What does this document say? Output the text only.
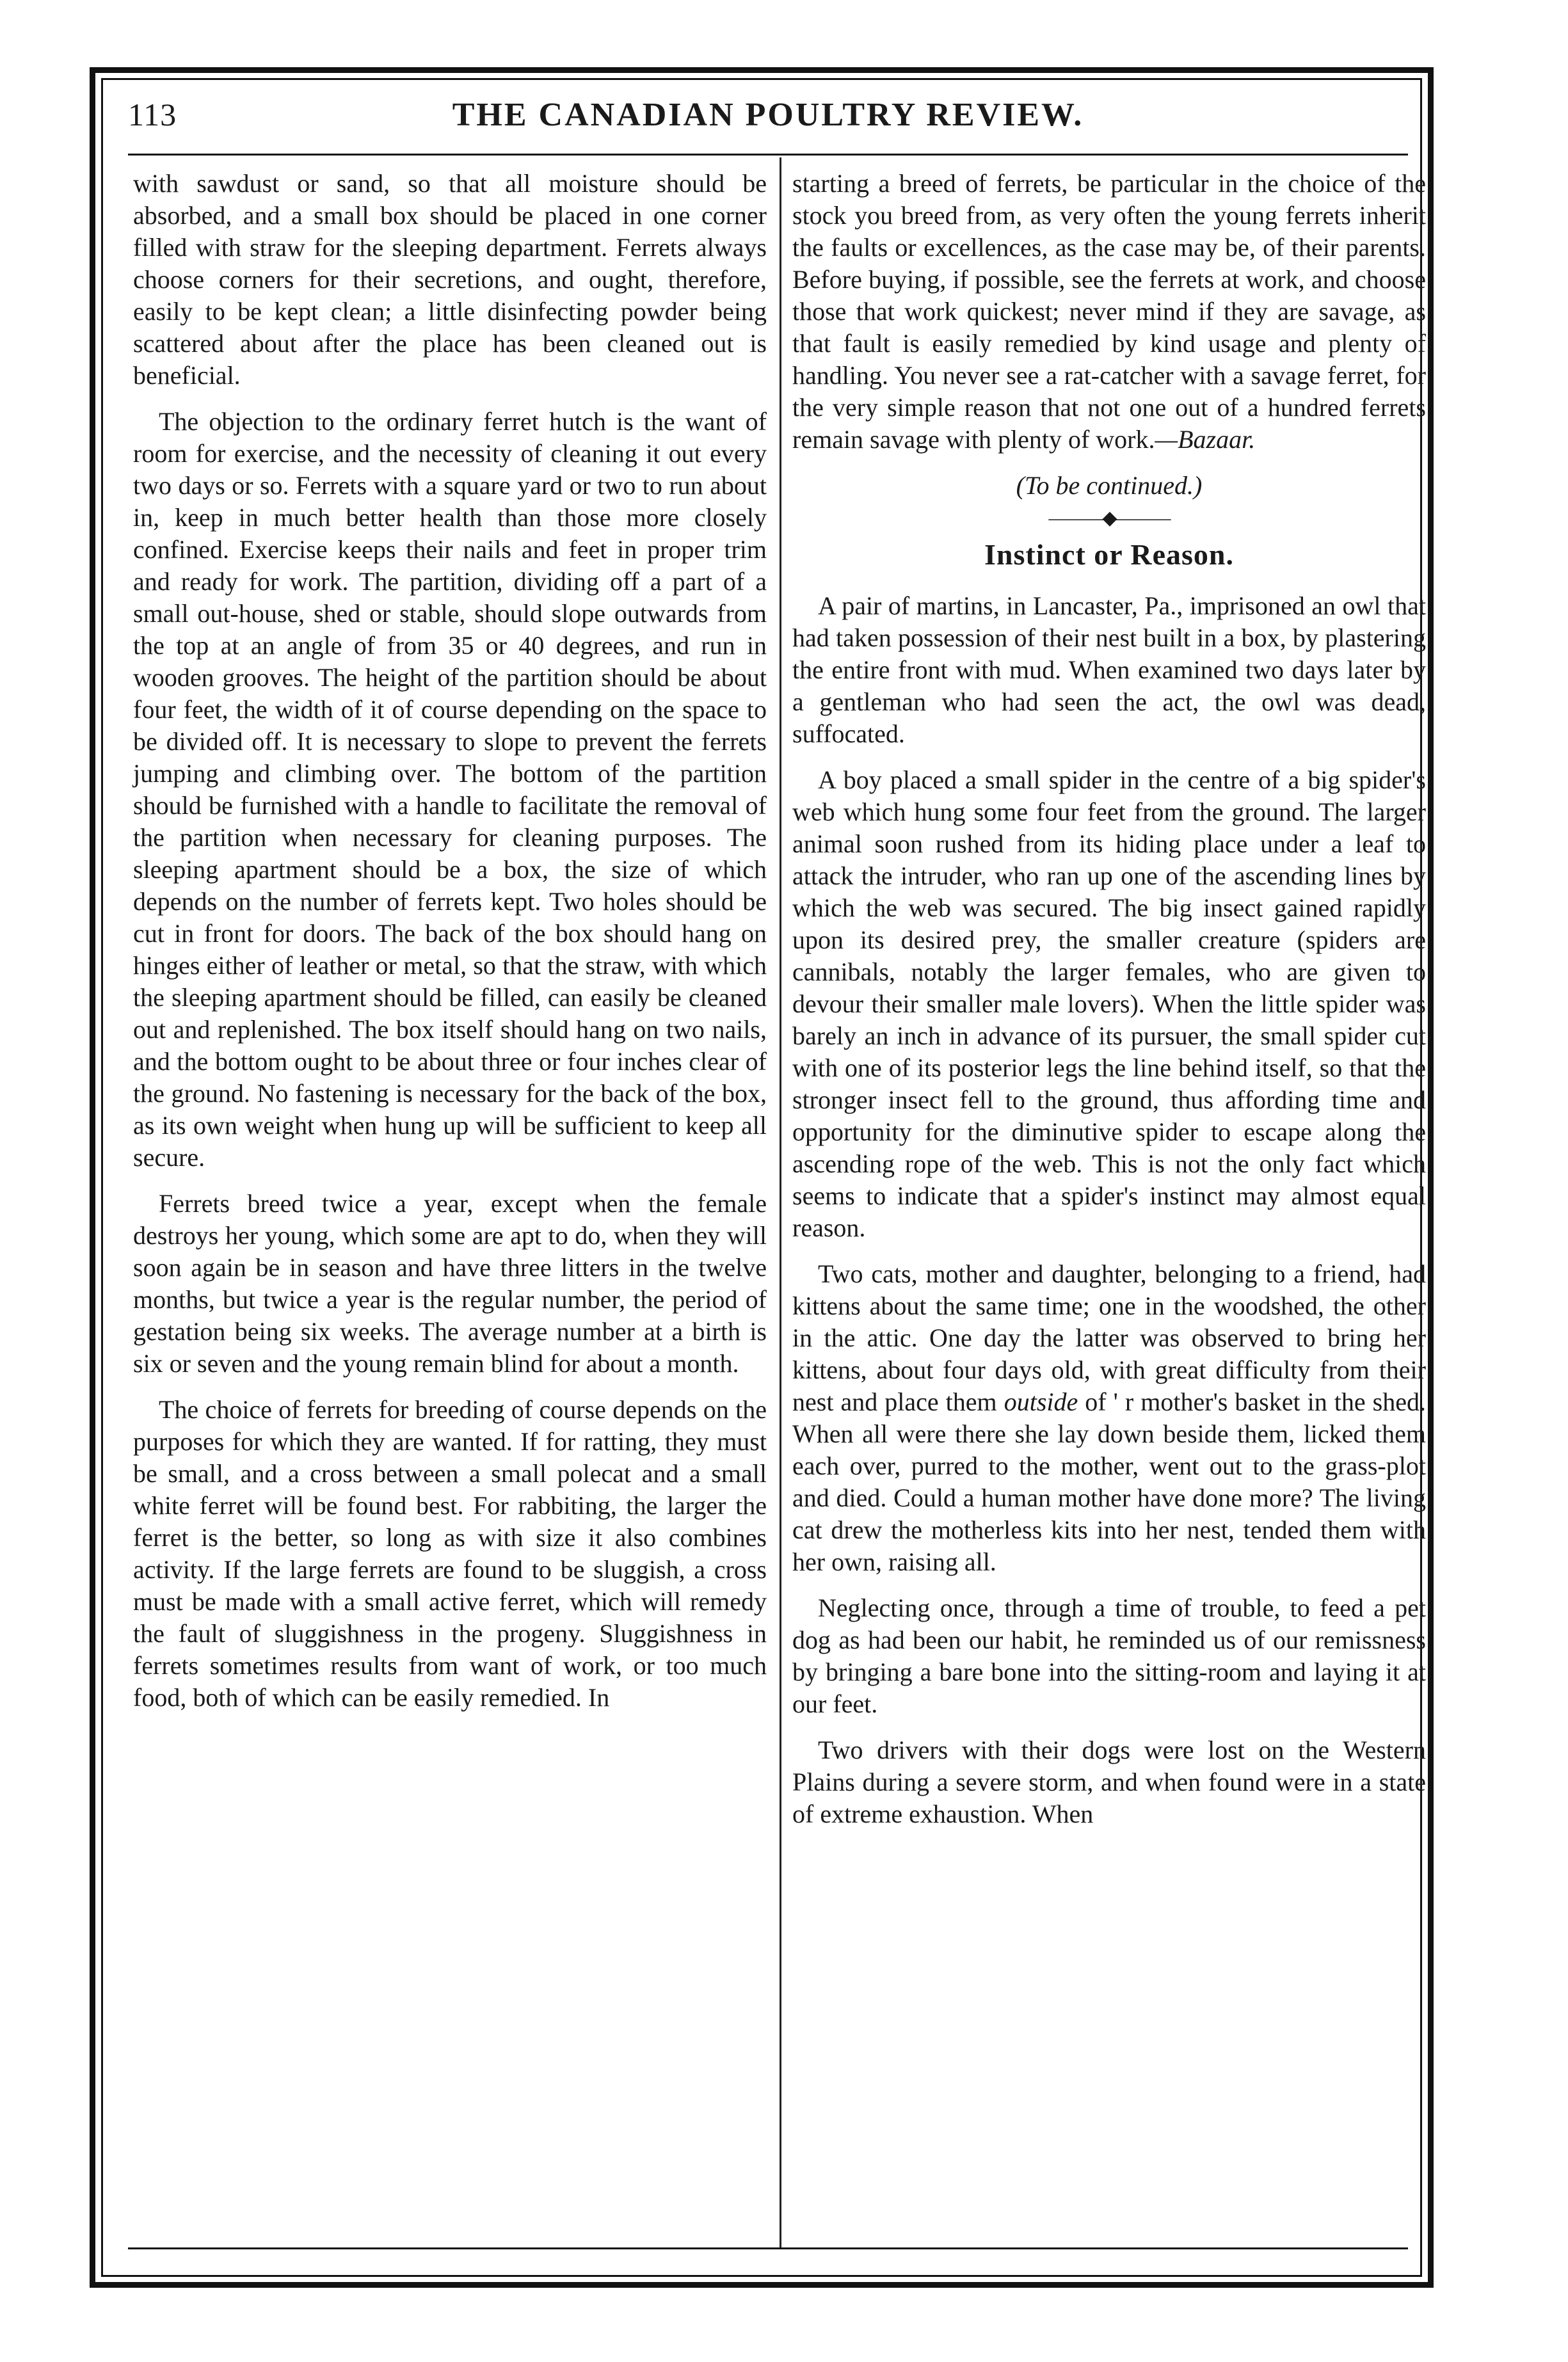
113	THE CANADIAN POULTRY REVIEW.

with sawdust or sand, so that all moisture should be absorbed, and a small box should be placed in one corner filled with straw for the sleeping department. Ferrets always choose corners for their secretions, and ought, therefore, easily to be kept clean; a little disinfecting powder being scattered about after the place has been cleaned out is beneficial.

The objection to the ordinary ferret hutch is the want of room for exercise, and the necessity of cleaning it out every two days or so. Ferrets with a square yard or two to run about in, keep in much better health than those more closely confined. Exercise keeps their nails and feet in proper trim and ready for work. The partition, dividing off a part of a small out-house, shed or stable, should slope outwards from the top at an angle of from 35 or 40 degrees, and run in wooden grooves. The height of the partition should be about four feet, the width of it of course depending on the space to be divided off. It is necessary to slope to prevent the ferrets jumping and climbing over. The bottom of the partition should be furnished with a handle to facilitate the removal of the partition when necessary for cleaning purposes. The sleeping apartment should be a box, the size of which depends on the number of ferrets kept. Two holes should be cut in front for doors. The back of the box should hang on hinges either of leather or metal, so that the straw, with which the sleeping apartment should be filled, can easily be cleaned out and replenished. The box itself should hang on two nails, and the bottom ought to be about three or four inches clear of the ground. No fastening is necessary for the back of the box, as its own weight when hung up will be sufficient to keep all secure.

Ferrets breed twice a year, except when the female destroys her young, which some are apt to do, when they will soon again be in season and have three litters in the twelve months, but twice a year is the regular number, the period of gestation being six weeks. The average number at a birth is six or seven and the young remain blind for about a month.

The choice of ferrets for breeding of course depends on the purposes for which they are wanted. If for ratting, they must be small, and a cross between a small polecat and a small white ferret will be found best. For rabbiting, the larger the ferret is the better, so long as with size it also combines activity. If the large ferrets are found to be sluggish, a cross must be made with a small active ferret, which will remedy the fault of sluggishness in the progeny. Sluggishness in ferrets sometimes results from want of work, or too much food, both of which can be easily remedied. In

starting a breed of ferrets, be particular in the choice of the stock you breed from, as very often the young ferrets inherit the faults or excellences, as the case may be, of their parents. Before buying, if possible, see the ferrets at work, and choose those that work quickest; never mind if they are savage, as that fault is easily remedied by kind usage and plenty of handling. You never see a rat-catcher with a savage ferret, for the very simple reason that not one out of a hundred ferrets remain savage with plenty of work.—Bazaar.

(To be continued.)
———◆———
Instinct or Reason.

A pair of martins, in Lancaster, Pa., imprisoned an owl that had taken possession of their nest built in a box, by plastering the entire front with mud. When examined two days later by a gentleman who had seen the act, the owl was dead, suffocated.

A boy placed a small spider in the centre of a big spider's web which hung some four feet from the ground. The larger animal soon rushed from its hiding place under a leaf to attack the intruder, who ran up one of the ascending lines by which the web was secured. The big insect gained rapidly upon its desired prey, the smaller creature (spiders are cannibals, notably the larger females, who are given to devour their smaller male lovers). When the little spider was barely an inch in advance of its pursuer, the small spider cut with one of its posterior legs the line behind itself, so that the stronger insect fell to the ground, thus affording time and opportunity for the diminutive spider to escape along the ascending rope of the web. This is not the only fact which seems to indicate that a spider's instinct may almost equal reason.

Two cats, mother and daughter, belonging to a friend, had kittens about the same time; one in the woodshed, the other in the attic. One day the latter was observed to bring her kittens, about four days old, with great difficulty from their nest and place them outside of ' r mother's basket in the shed. When all were there she lay down beside them, licked them each over, purred to the mother, went out to the grass-plot and died. Could a human mother have done more? The living cat drew the motherless kits into her nest, tended them with her own, raising all.

Neglecting once, through a time of trouble, to feed a pet dog as had been our habit, he reminded us of our remissness by bringing a bare bone into the sitting-room and laying it at our feet.

Two drivers with their dogs were lost on the Western Plains during a severe storm, and when found were in a state of extreme exhaustion. When
